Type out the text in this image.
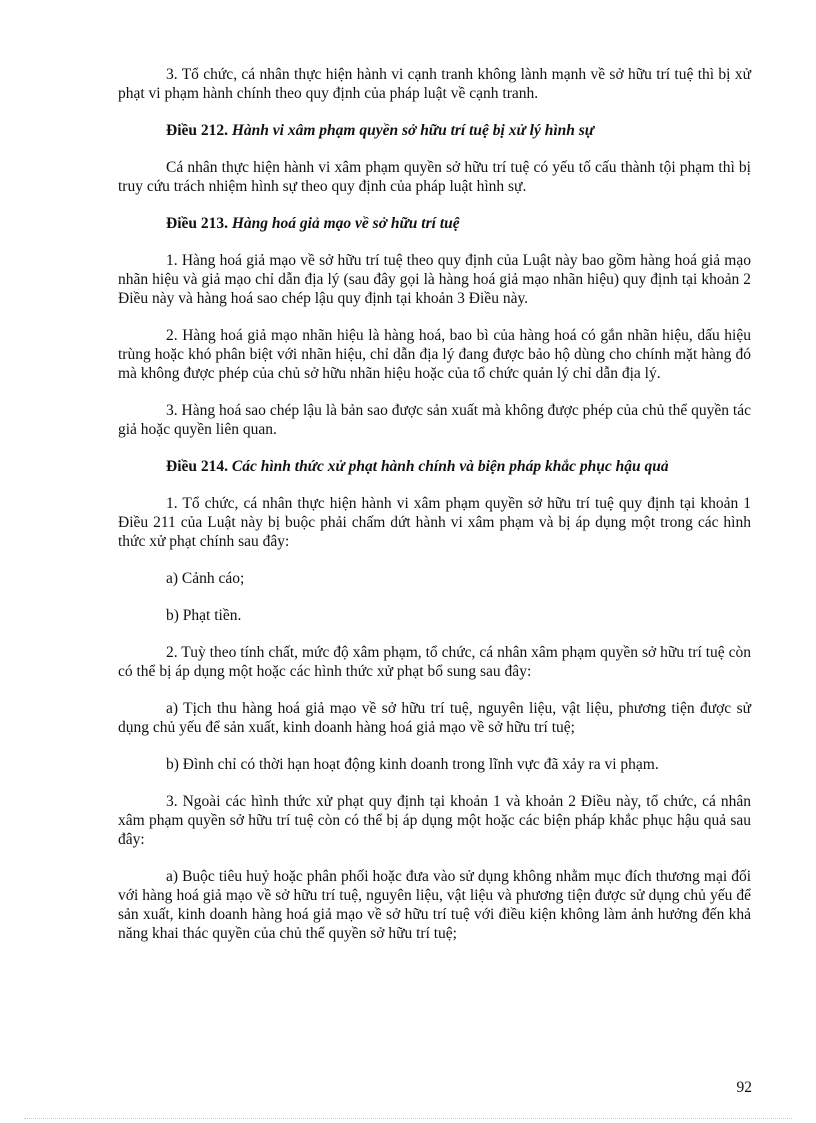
3. Tổ chức, cá nhân thực hiện hành vi cạnh tranh không lành mạnh về sở hữu trí tuệ thì bị xử phạt vi phạm hành chính theo quy định của pháp luật về cạnh tranh.

Điều 212. Hành vi xâm phạm quyền sở hữu trí tuệ bị xử lý hình sự

Cá nhân thực hiện hành vi xâm phạm quyền sở hữu trí tuệ có yếu tố cấu thành tội phạm thì bị truy cứu trách nhiệm hình sự theo quy định của pháp luật hình sự.

Điều 213. Hàng hoá giả mạo về sở hữu trí tuệ

1. Hàng hoá giả mạo về sở hữu trí tuệ theo quy định của Luật này bao gồm hàng hoá giả mạo nhãn hiệu và giả mạo chỉ dẫn địa lý (sau đây gọi là hàng hoá giả mạo nhãn hiệu) quy định tại khoản 2 Điều này và hàng hoá sao chép lậu quy định tại khoản 3 Điều này.

2. Hàng hoá giả mạo nhãn hiệu là hàng hoá, bao bì của hàng hoá có gắn nhãn hiệu, dấu hiệu trùng hoặc khó phân biệt với nhãn hiệu, chỉ dẫn địa lý đang được bảo hộ dùng cho chính mặt hàng đó mà không được phép của chủ sở hữu nhãn hiệu hoặc của tổ chức quản lý chỉ dẫn địa lý.

3. Hàng hoá sao chép lậu là bản sao được sản xuất mà không được phép của chủ thể quyền tác giả hoặc quyền liên quan.

Điều 214. Các hình thức xử phạt hành chính và biện pháp khắc phục hậu quả

1. Tổ chức, cá nhân thực hiện hành vi xâm phạm quyền sở hữu trí tuệ quy định tại khoản 1 Điều 211 của Luật này bị buộc phải chấm dứt hành vi xâm phạm và bị áp dụng một trong các hình thức xử phạt chính sau đây:

a) Cảnh cáo;

b) Phạt tiền.

2. Tuỳ theo tính chất, mức độ xâm phạm, tổ chức, cá nhân xâm phạm quyền sở hữu trí tuệ còn có thể bị áp dụng một hoặc các hình thức xử phạt bổ sung sau đây:

a) Tịch thu hàng hoá giả mạo về sở hữu trí tuệ, nguyên liệu, vật liệu, phương tiện được sử dụng chủ yếu để sản xuất, kinh doanh hàng hoá giả mạo về sở hữu trí tuệ;

b) Đình chỉ có thời hạn hoạt động kinh doanh trong lĩnh vực đã xảy ra vi phạm.

3. Ngoài các hình thức xử phạt quy định tại khoản 1 và khoản 2 Điều này, tổ chức, cá nhân xâm phạm quyền sở hữu trí tuệ còn có thể bị áp dụng một hoặc các biện pháp khắc phục hậu quả sau đây:

a) Buộc tiêu huỷ hoặc phân phối hoặc đưa vào sử dụng không nhằm mục đích thương mại đối với hàng hoá giả mạo về sở hữu trí tuệ, nguyên liệu, vật liệu và phương tiện được sử dụng chủ yếu để sản xuất, kinh doanh hàng hoá giả mạo về sở hữu trí tuệ với điều kiện không làm ảnh hưởng đến khả năng khai thác quyền của chủ thể quyền sở hữu trí tuệ;

92
